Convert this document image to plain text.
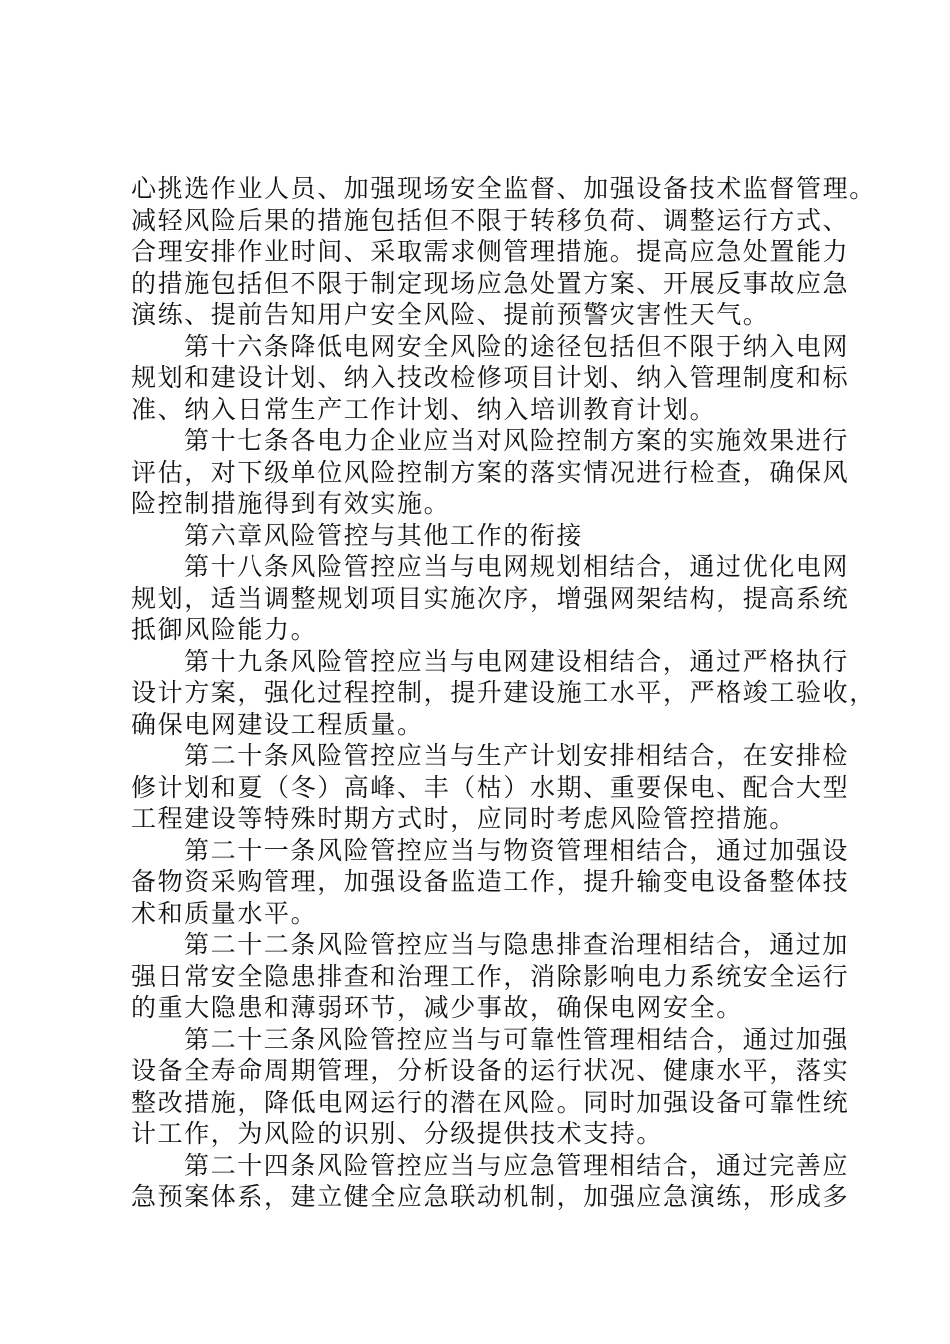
心挑选作业人员、加强现场安全监督、加强设备技术监督管理。
减轻风险后果的措施包括但不限于转移负荷、调整运行方式、
合理安排作业时间、采取需求侧管理措施。提高应急处置能力
的措施包括但不限于制定现场应急处置方案、开展反事故应急
演练、提前告知用户安全风险、提前预警灾害性天气。
第十六条降低电网安全风险的途径包括但不限于纳入电网
规划和建设计划、纳入技改检修项目计划、纳入管理制度和标
准、纳入日常生产工作计划、纳入培训教育计划。
第十七条各电力企业应当对风险控制方案的实施效果进行
评估，对下级单位风险控制方案的落实情况进行检查，确保风
险控制措施得到有效实施。
第六章风险管控与其他工作的衔接
第十八条风险管控应当与电网规划相结合，通过优化电网
规划，适当调整规划项目实施次序，增强网架结构，提高系统
抵御风险能力。
第十九条风险管控应当与电网建设相结合，通过严格执行
设计方案，强化过程控制，提升建设施工水平，严格竣工验收，
确保电网建设工程质量。
第二十条风险管控应当与生产计划安排相结合，在安排检
修计划和夏（冬）高峰、丰（枯）水期、重要保电、配合大型
工程建设等特殊时期方式时，应同时考虑风险管控措施。
第二十一条风险管控应当与物资管理相结合，通过加强设
备物资采购管理，加强设备监造工作，提升输变电设备整体技
术和质量水平。
第二十二条风险管控应当与隐患排查治理相结合，通过加
强日常安全隐患排查和治理工作，消除影响电力系统安全运行
的重大隐患和薄弱环节，减少事故，确保电网安全。
第二十三条风险管控应当与可靠性管理相结合，通过加强
设备全寿命周期管理，分析设备的运行状况、健康水平，落实
整改措施，降低电网运行的潜在风险。同时加强设备可靠性统
计工作，为风险的识别、分级提供技术支持。
第二十四条风险管控应当与应急管理相结合，通过完善应
急预案体系，建立健全应急联动机制，加强应急演练，形成多
